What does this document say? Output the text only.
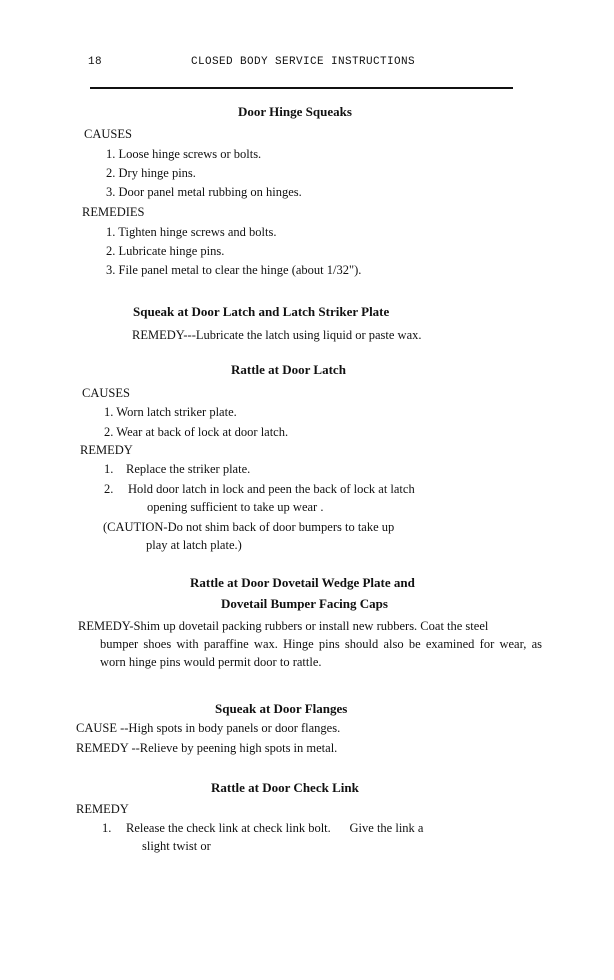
18	CLOSED BODY SERVICE INSTRUCTIONS
Door Hinge Squeaks
CAUSES
1. Loose hinge screws or bolts.
2. Dry hinge pins.
3. Door panel metal rubbing on hinges.
REMEDIES
1. Tighten hinge screws and bolts.
2. Lubricate hinge pins.
3. File panel metal to clear the hinge (about 1/32").
Squeak at Door Latch and Latch Striker Plate
REMEDY---Lubricate the latch using liquid or paste wax.
Rattle at Door Latch
CAUSES
1. Worn latch striker plate.
2. Wear at back of lock at door latch.
REMEDY
1. Replace the striker plate.
2. Hold door latch in lock and peen the back of lock at latch
opening sufficient to take up wear .
(CAUTION-Do not shim back of door bumpers to take up
play at latch plate.)
Rattle at Door Dovetail Wedge Plate and
Dovetail Bumper Facing Caps
REMEDY-Shim up dovetail packing rubbers or install new rubbers. Coat the steel
bumper shoes with paraffine wax. Hinge pins should also be examined for wear, as worn hinge pins would permit door to rattle.
Squeak at Door Flanges
CAUSE --High spots in body panels or door flanges.
REMEDY --Relieve by peening high spots in metal.
Rattle at Door Check Link
REMEDY
1. Release the check link at check link bolt.      Give the link a
slight twist or
